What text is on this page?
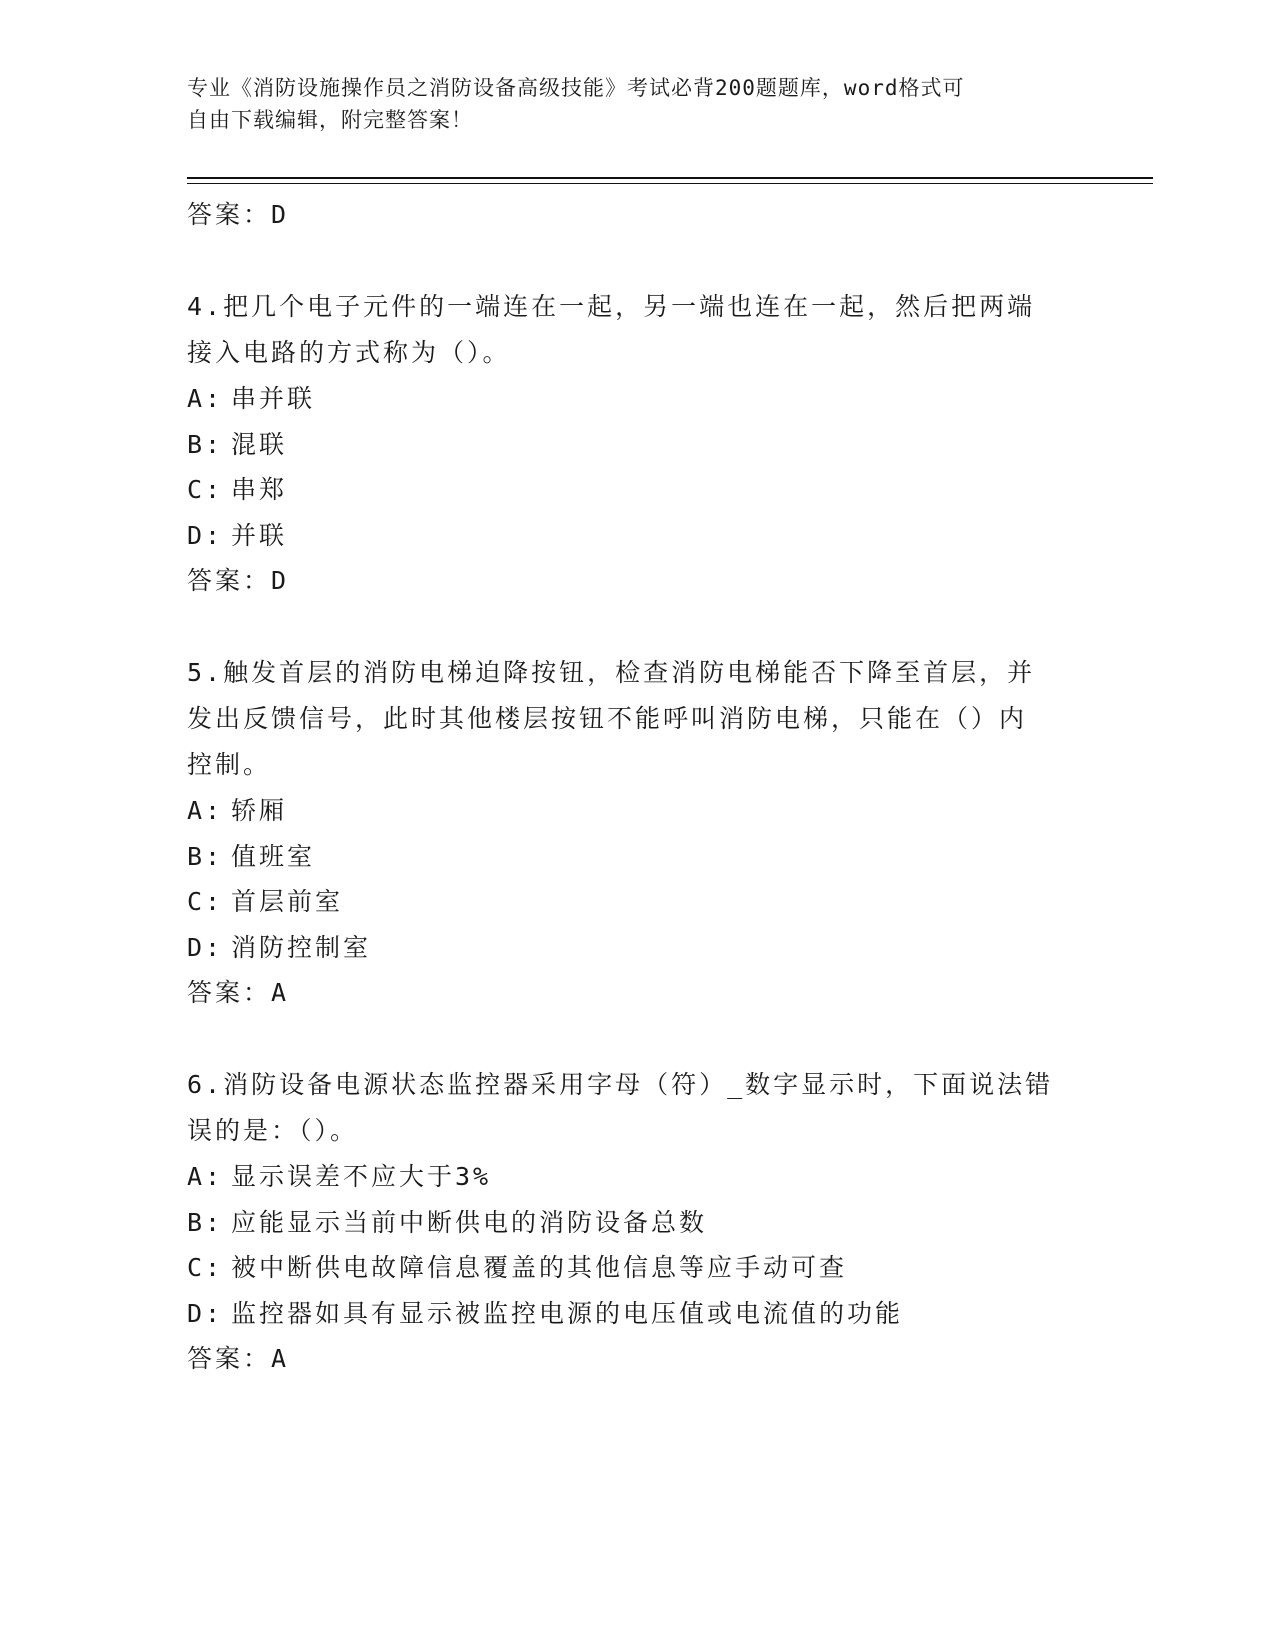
专业《消防设施操作员之消防设备高级技能》考试必背200题题库，word格式可
自由下载编辑，附完整答案！
答案：D
4.把几个电子元件的一端连在一起，另一端也连在一起，然后把两端
接入电路的方式称为（）。
A: 串并联
B: 混联
C: 串郑
D: 并联
答案：D
5.触发首层的消防电梯迫降按钮，检查消防电梯能否下降至首层，并
发出反馈信号，此时其他楼层按钮不能呼叫消防电梯，只能在（）内
控制。
A: 轿厢
B: 值班室
C: 首层前室
D: 消防控制室
答案：A
6.消防设备电源状态监控器采用字母（符）_数字显示时，下面说法错
误的是：（）。
A: 显示误差不应大于3%
B: 应能显示当前中断供电的消防设备总数
C: 被中断供电故障信息覆盖的其他信息等应手动可查
D: 监控器如具有显示被监控电源的电压值或电流值的功能
答案：A
